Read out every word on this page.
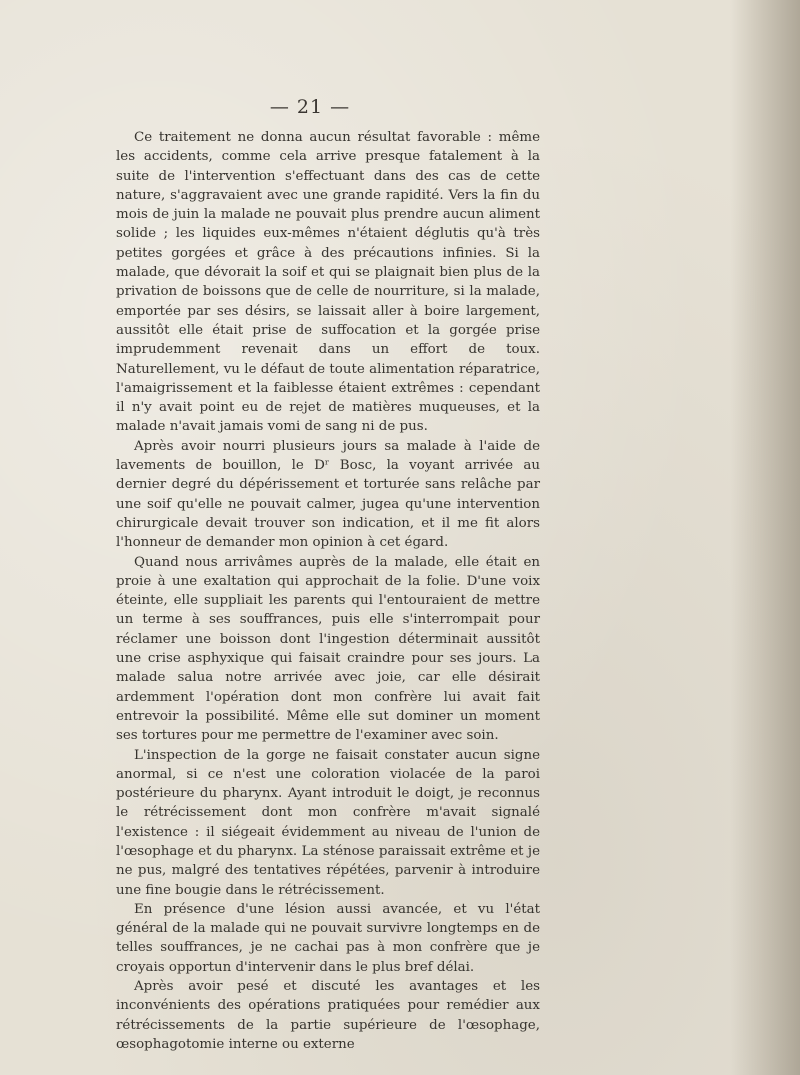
— 21 —

Ce traitement ne donna aucun résultat favorable : même les accidents, comme cela arrive presque fatalement à la suite de l'intervention s'effectuant dans des cas de cette nature, s'aggravaient avec une grande rapidité. Vers la fin du mois de juin la malade ne pouvait plus prendre aucun aliment solide ; les liquides eux-mêmes n'étaient déglutis qu'à très petites gorgées et grâce à des précautions infinies. Si la malade, que dévorait la soif et qui se plaignait bien plus de la privation de boissons que de celle de nourriture, si la malade, emportée par ses désirs, se laissait aller à boire largement, aussitôt elle était prise de suffocation et la gorgée prise imprudemment revenait dans un effort de toux. Naturellement, vu le défaut de toute alimentation réparatrice, l'amaigrissement et la faiblesse étaient extrêmes : cependant il n'y avait point eu de rejet de matières muqueuses, et la malade n'avait jamais vomi de sang ni de pus.

Après avoir nourri plusieurs jours sa malade à l'aide de lavements de bouillon, le Dʳ Bosc, la voyant arrivée au dernier degré du dépérissement et torturée sans relâche par une soif qu'elle ne pouvait calmer, jugea qu'une intervention chirurgicale devait trouver son indication, et il me fit alors l'honneur de demander mon opinion à cet égard.

Quand nous arrivâmes auprès de la malade, elle était en proie à une exaltation qui approchait de la folie. D'une voix éteinte, elle suppliait les parents qui l'entouraient de mettre un terme à ses souffrances, puis elle s'interrompait pour réclamer une boisson dont l'ingestion déterminait aussitôt une crise asphyxique qui faisait craindre pour ses jours. La malade salua notre arrivée avec joie, car elle désirait ardemment l'opération dont mon confrère lui avait fait entrevoir la possibilité. Même elle sut dominer un moment ses tortures pour me permettre de l'examiner avec soin.

L'inspection de la gorge ne faisait constater aucun signe anormal, si ce n'est une coloration violacée de la paroi postérieure du pharynx. Ayant introduit le doigt, je reconnus le rétrécissement dont mon confrère m'avait signalé l'existence : il siégeait évidemment au niveau de l'union de l'œsophage et du pharynx. La sténose paraissait extrême et je ne pus, malgré des tentatives répétées, parvenir à introduire une fine bougie dans le rétrécissement.

En présence d'une lésion aussi avancée, et vu l'état général de la malade qui ne pouvait survivre longtemps en de telles souffrances, je ne cachai pas à mon confrère que je croyais opportun d'intervenir dans le plus bref délai.

Après avoir pesé et discuté les avantages et les inconvénients des opérations pratiquées pour remédier aux rétrécissements de la partie supérieure de l'œsophage, œsophagotomie interne ou externe
